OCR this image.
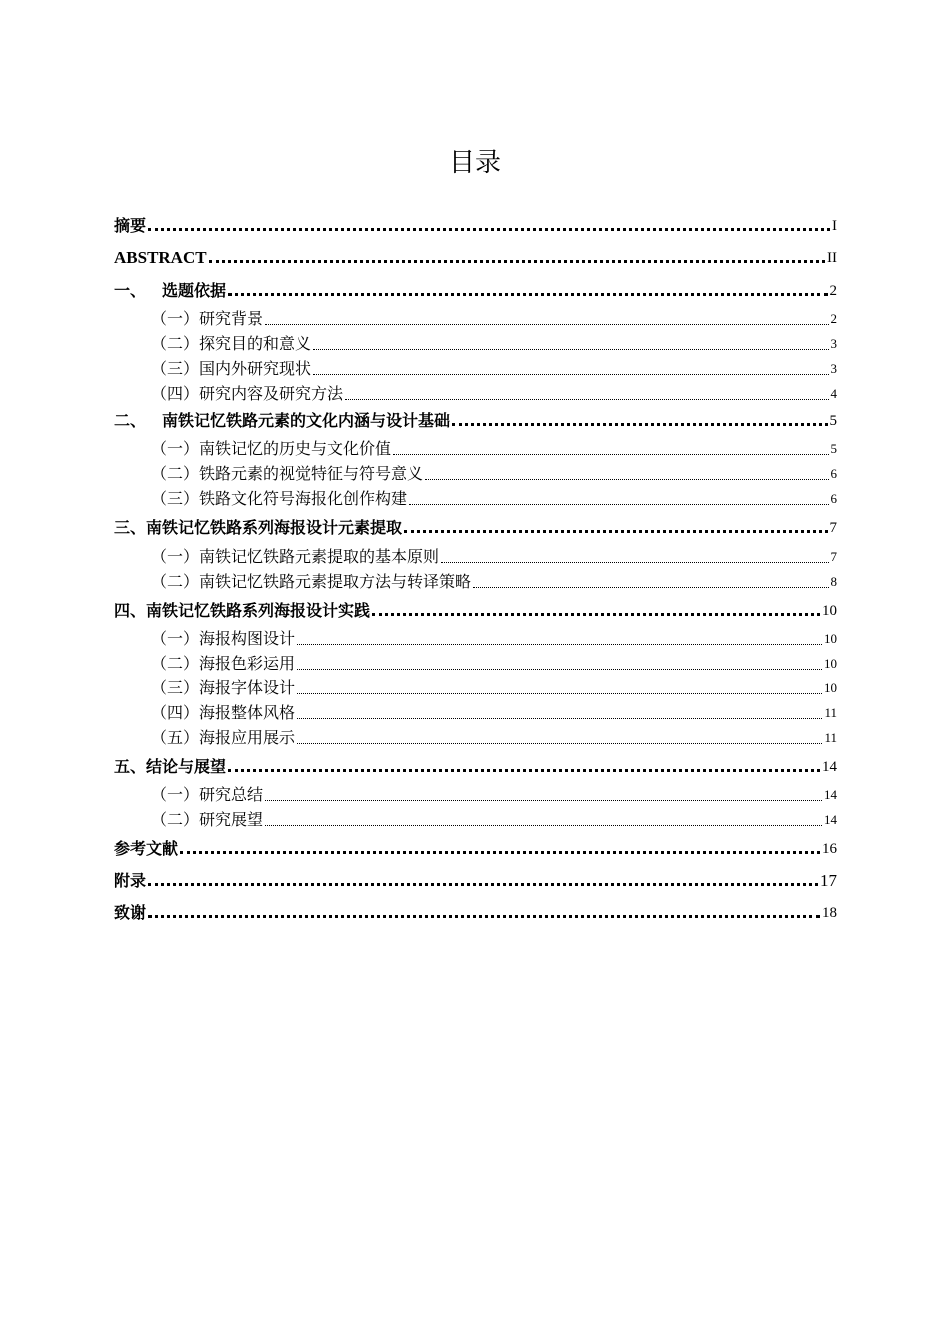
目录
摘要	I
ABSTRACT	II
一、 选题依据	2
（一）研究背景	2
（二）探究目的和意义	3
（三）国内外研究现状	3
（四）研究内容及研究方法	4
二、 南铁记忆铁路元素的文化内涵与设计基础	5
（一）南铁记忆的历史与文化价值	5
（二）铁路元素的视觉特征与符号意义	6
（三）铁路文化符号海报化创作构建	6
三、南铁记忆铁路系列海报设计元素提取	7
（一）南铁记忆铁路元素提取的基本原则	7
（二）南铁记忆铁路元素提取方法与转译策略	8
四、南铁记忆铁路系列海报设计实践	10
（一）海报构图设计	10
（二）海报色彩运用	10
（三）海报字体设计	10
（四）海报整体风格	11
（五）海报应用展示	11
五、结论与展望	14
（一）研究总结	14
（二）研究展望	14
参考文献	16
附录	17
致谢	18
